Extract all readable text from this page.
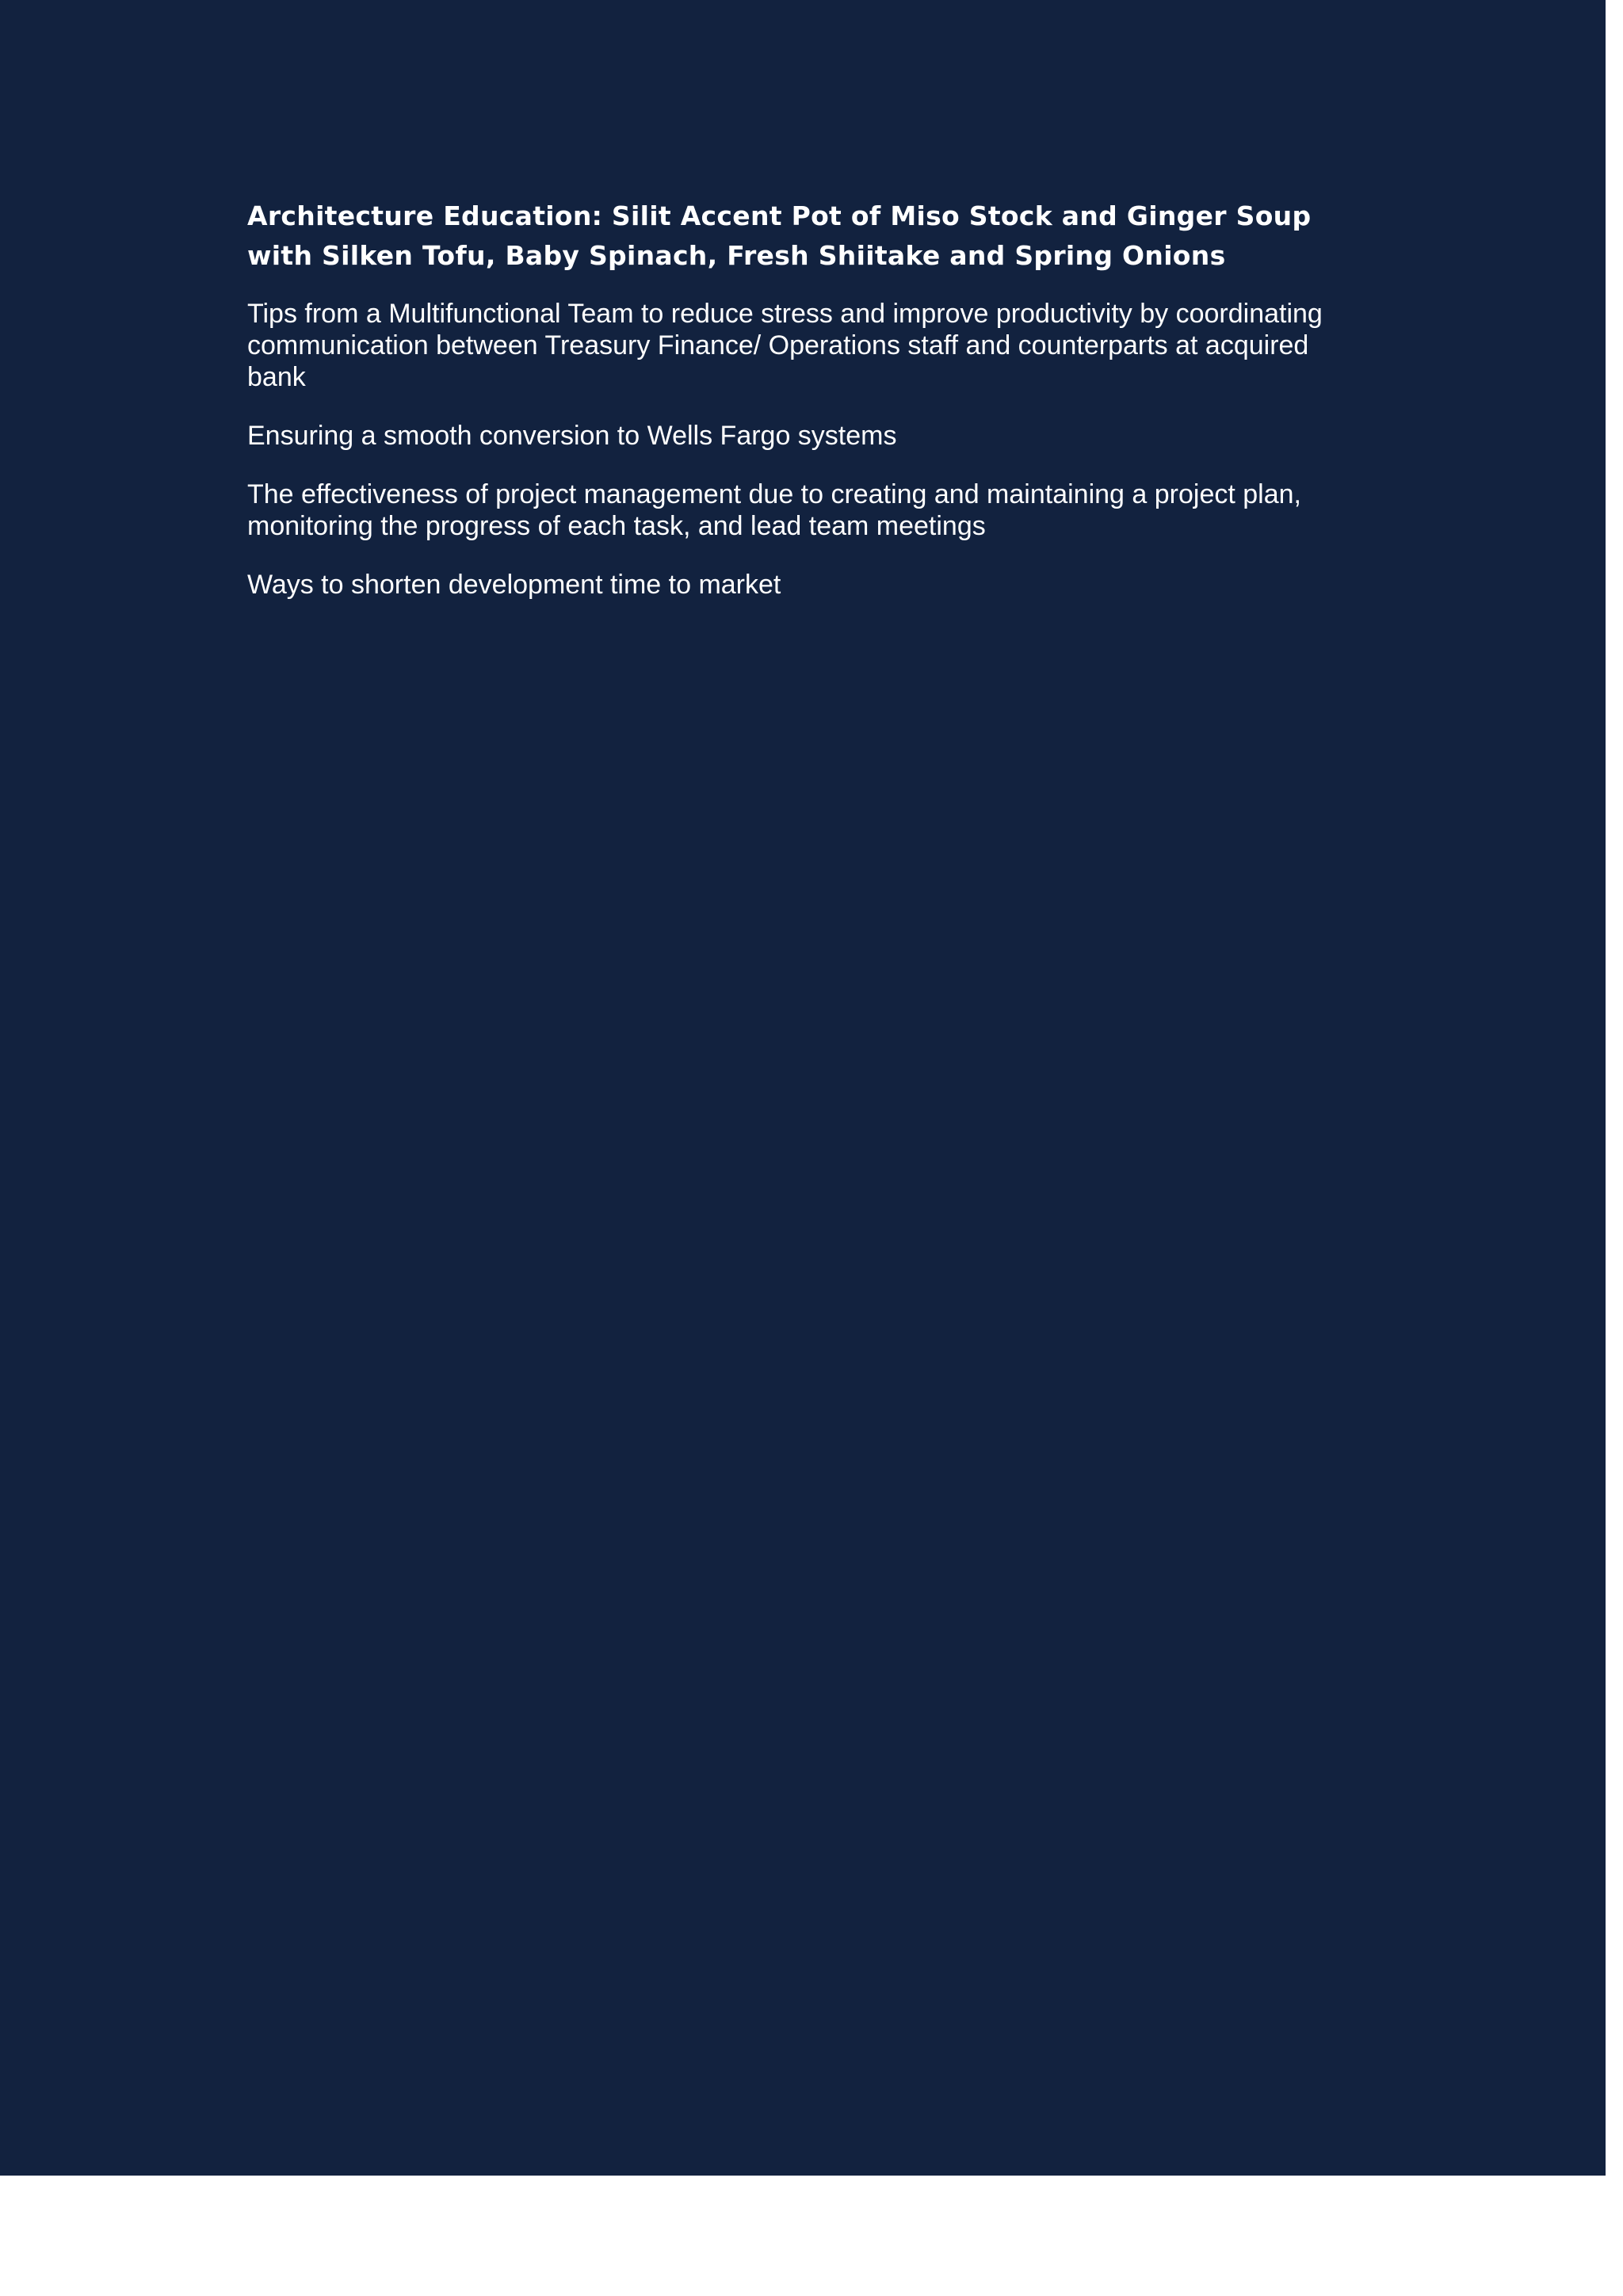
Architecture Education: Silit Accent Pot of Miso Stock and Ginger Soup with Silken Tofu, Baby Spinach, Fresh Shiitake and Spring Onions

Tips from a Multifunctional Team to reduce stress and improve productivity by coordinating communication between Treasury Finance/ Operations staff and counterparts at acquired bank

Ensuring a smooth conversion to Wells Fargo systems

The effectiveness of project management due to creating and maintaining a project plan, monitoring the progress of each task, and lead team meetings

Ways to shorten development time to market
